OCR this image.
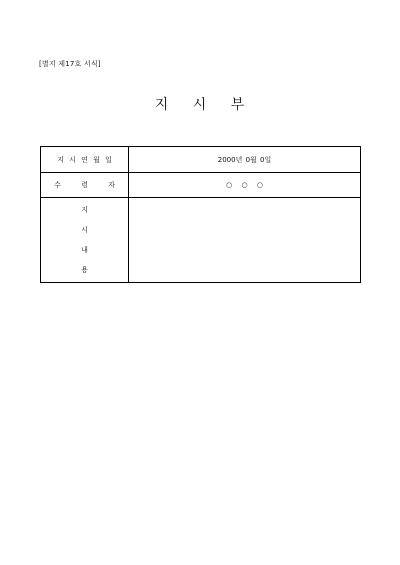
[별지 제17호 서식]
지 시 부
지 시 연 월 일	2000년 0월 0일
수 령 자	○ ○ ○

지
시
내
용	
